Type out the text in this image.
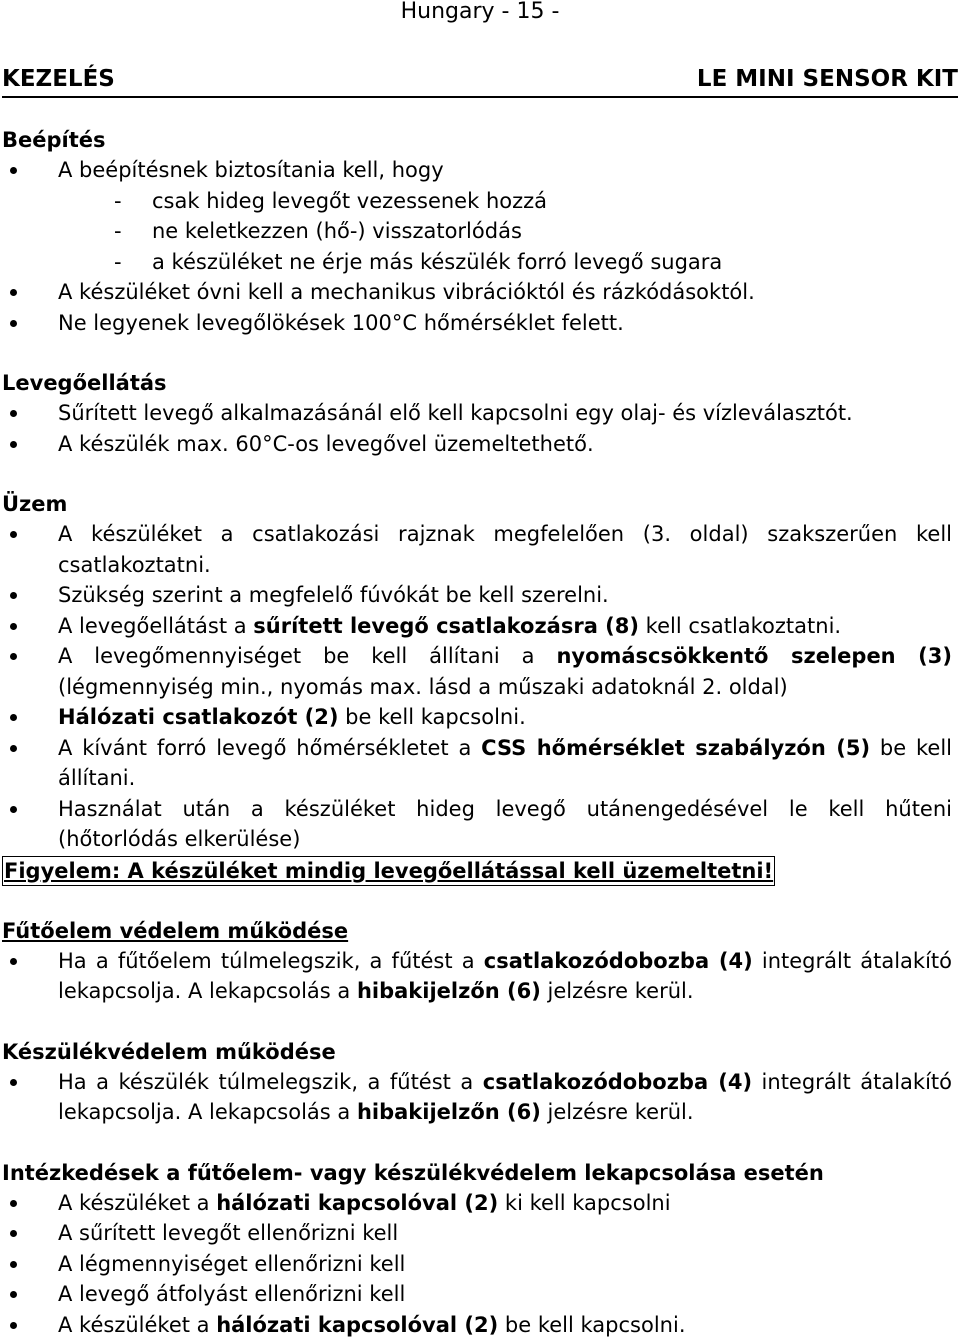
Hungary - 15 -
KEZELÉS	LE MINI SENSOR KIT
Beépítés
A beépítésnek biztosítania kell, hogy
- csak hideg levegőt vezessenek hozzá
- ne keletkezzen (hő-) visszatorlódás
- a készüléket ne érje más készülék forró levegő sugara
A készüléket óvni kell a mechanikus vibrációktól és rázkódásoktól.
Ne legyenek levegőlökések 100°C hőmérséklet felett.
Levegőellátás
Sűrített levegő alkalmazásánál elő kell kapcsolni egy olaj- és vízleválasztót.
A készülék max. 60°C-os levegővel üzemeltethető.
Üzem
A készüléket a csatlakozási rajznak megfelelően (3. oldal) szakszerűen kell csatlakoztatni.
Szükség szerint a megfelelő fúvókát be kell szerelni.
A levegőellátást a sűrített levegő csatlakozásra (8) kell csatlakoztatni.
A levegőmennyiséget be kell állítani a nyomáscsökkentő szelepen (3) (légmennyiség min., nyomás max. lásd a műszaki adatoknál 2. oldal)
Hálózati csatlakozót (2) be kell kapcsolni.
A kívánt forró levegő hőmérsékletet a CSS hőmérséklet szabályzón (5) be kell állítani.
Használat után a készüléket hideg levegő utánengedésével le kell hűteni (hőtorlódás elkerülése)
Figyelem: A készüléket mindig levegőellátással kell üzemeltetni!
Fűtőelem védelem működése
Ha a fűtőelem túlmelegszik, a fűtést a csatlakozódobozba (4) integrált átalakító lekapcsolja. A lekapcsolás a hibakijelzőn (6) jelzésre kerül.
Készülékvédelem működése
Ha a készülék túlmelegszik, a fűtést a csatlakozódobozba (4) integrált átalakító lekapcsolja. A lekapcsolás a hibakijelzőn (6) jelzésre kerül.
Intézkedések a fűtőelem- vagy készülékvédelem lekapcsolása esetén
A készüléket a hálózati kapcsolóval (2) ki kell kapcsolni
A sűrített levegőt ellenőrizni kell
A légmennyiséget ellenőrizni kell
A levegő átfolyást ellenőrizni kell
A készüléket a hálózati kapcsolóval (2) be kell kapcsolni.
